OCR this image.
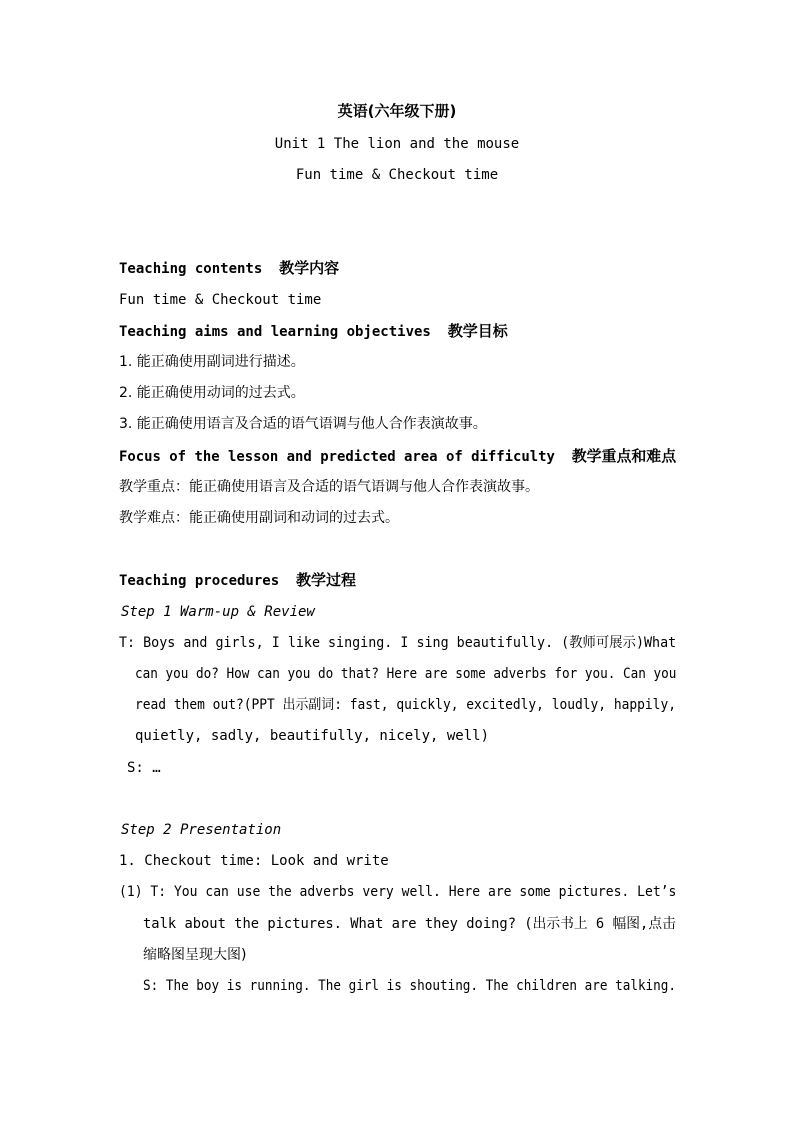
英语(六年级下册)
Unit 1 The lion and the mouse
Fun time & Checkout time
Teaching contents 教学内容
Fun time & Checkout time
Teaching aims and learning objectives 教学目标
1. 能正确使用副词进行描述。
2. 能正确使用动词的过去式。
3. 能正确使用语言及合适的语气语调与他人合作表演故事。
Focus of the lesson and predicted area of difficulty 教学重点和难点
教学重点：能正确使用语言及合适的语气语调与他人合作表演故事。
教学难点：能正确使用副词和动词的过去式。
Teaching procedures 教学过程
Step 1 Warm-up & Review
T: Boys and girls, I like singing. I sing beautifully. (教师可展示)What
can you do? How can you do that? Here are some adverbs for you. Can you
read them out?(PPT 出示副词: fast, quickly, excitedly, loudly, happily,
quietly, sadly, beautifully, nicely, well)
S: …
Step 2 Presentation
1. Checkout time: Look and write
(1) T: You can use the adverbs very well. Here are some pictures. Let’s
talk about the pictures. What are they doing? (出示书上 6 幅图,点击
缩略图呈现大图)
S: The boy is running. The girl is shouting. The children are talking.
